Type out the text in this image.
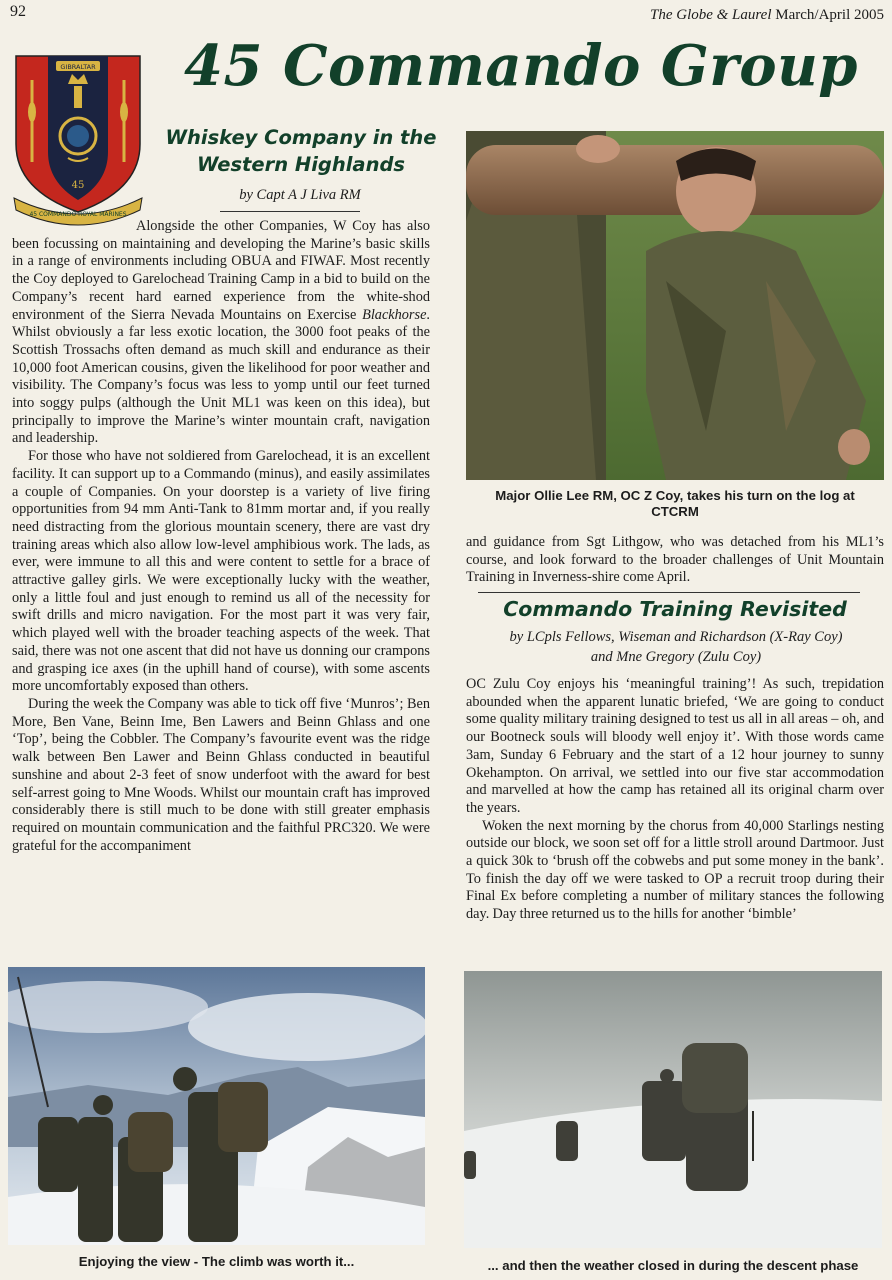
92	The Globe & Laurel March/April 2005
GIBRALTAR
45
45 COMMANDO ROYAL MARINES
45 Commando Group
Whiskey Company in the
Western Highlands
by Capt A J Liva RM

Alongside the other Companies, W Coy has also been focussing on maintaining and developing the Marine’s basic skills in a range of environments including OBUA and FIWAF. Most recently the Coy deployed to Garelochead Training Camp in a bid to build on the Company’s recent hard earned experience from the white-shod environment of the Sierra Nevada Mountains on Exercise Blackhorse. Whilst obviously a far less exotic location, the 3000 foot peaks of the Scottish Trossachs often demand as much skill and endurance as their 10,000 foot American cousins, given the likelihood for poor weather and visibility. The Company’s focus was less to yomp until our feet turned into soggy pulps (although the Unit ML1 was keen on this idea), but principally to improve the Marine’s winter mountain craft, navigation and leadership.

For those who have not soldiered from Garelochead, it is an excellent facility. It can support up to a Commando (minus), and easily assimilates a couple of Companies. On your doorstep is a variety of live firing opportunities from 94 mm Anti-Tank to 81mm mortar and, if you really need distracting from the glorious mountain scenery, there are vast dry training areas which also allow low-level amphibious work. The lads, as ever, were immune to all this and were content to settle for a brace of attractive galley girls. We were exceptionally lucky with the weather, only a little foul and just enough to remind us all of the necessity for swift drills and micro navigation. For the most part it was very fair, which played well with the broader teaching aspects of the week. That said, there was not one ascent that did not have us donning our crampons and grasping ice axes (in the uphill hand of course), with some ascents more uncomfortably exposed than others.

During the week the Company was able to tick off five ‘Munros’; Ben More, Ben Vane, Beinn Ime, Ben Lawers and Beinn Ghlass and one ‘Top’, being the Cobbler. The Company’s favourite event was the ridge walk between Ben Lawer and Beinn Ghlass conducted in beautiful sunshine and about 2-3 feet of snow underfoot with the award for best self-arrest going to Mne Woods. Whilst our mountain craft has improved considerably there is still much to be done with still greater emphasis required on mountain communication and the faithful PRC320. We were grateful for the accompaniment

Major Ollie Lee RM, OC Z Coy, takes his turn on the log at CTCRM

and guidance from Sgt Lithgow, who was detached from his ML1’s course, and look forward to the broader challenges of Unit Mountain Training in Inverness-shire come April.

Commando Training Revisited
by LCpls Fellows, Wiseman and Richardson (X-Ray Coy)
and Mne Gregory (Zulu Coy)

OC Zulu Coy enjoys his ‘meaningful training’! As such, trepidation abounded when the apparent lunatic briefed, ‘We are going to conduct some quality military training designed to test us all in all areas – oh, and our Bootneck souls will bloody well enjoy it’. With those words came 3am, Sunday 6 February and the start of a 12 hour journey to sunny Okehampton. On arrival, we settled into our five star accommodation and marvelled at how the camp has retained all its original charm over the years.

Woken the next morning by the chorus from 40,000 Starlings nesting outside our block, we soon set off for a little stroll around Dartmoor. Just a quick 30k to ‘brush off the cobwebs and put some money in the bank’. To finish the day off we were tasked to OP a recruit troop during their Final Ex before completing a number of military stances the following day. Day three returned us to the hills for another ‘bimble’

Enjoying the view - The climb was worth it...	... and then the weather closed in during the descent phase
